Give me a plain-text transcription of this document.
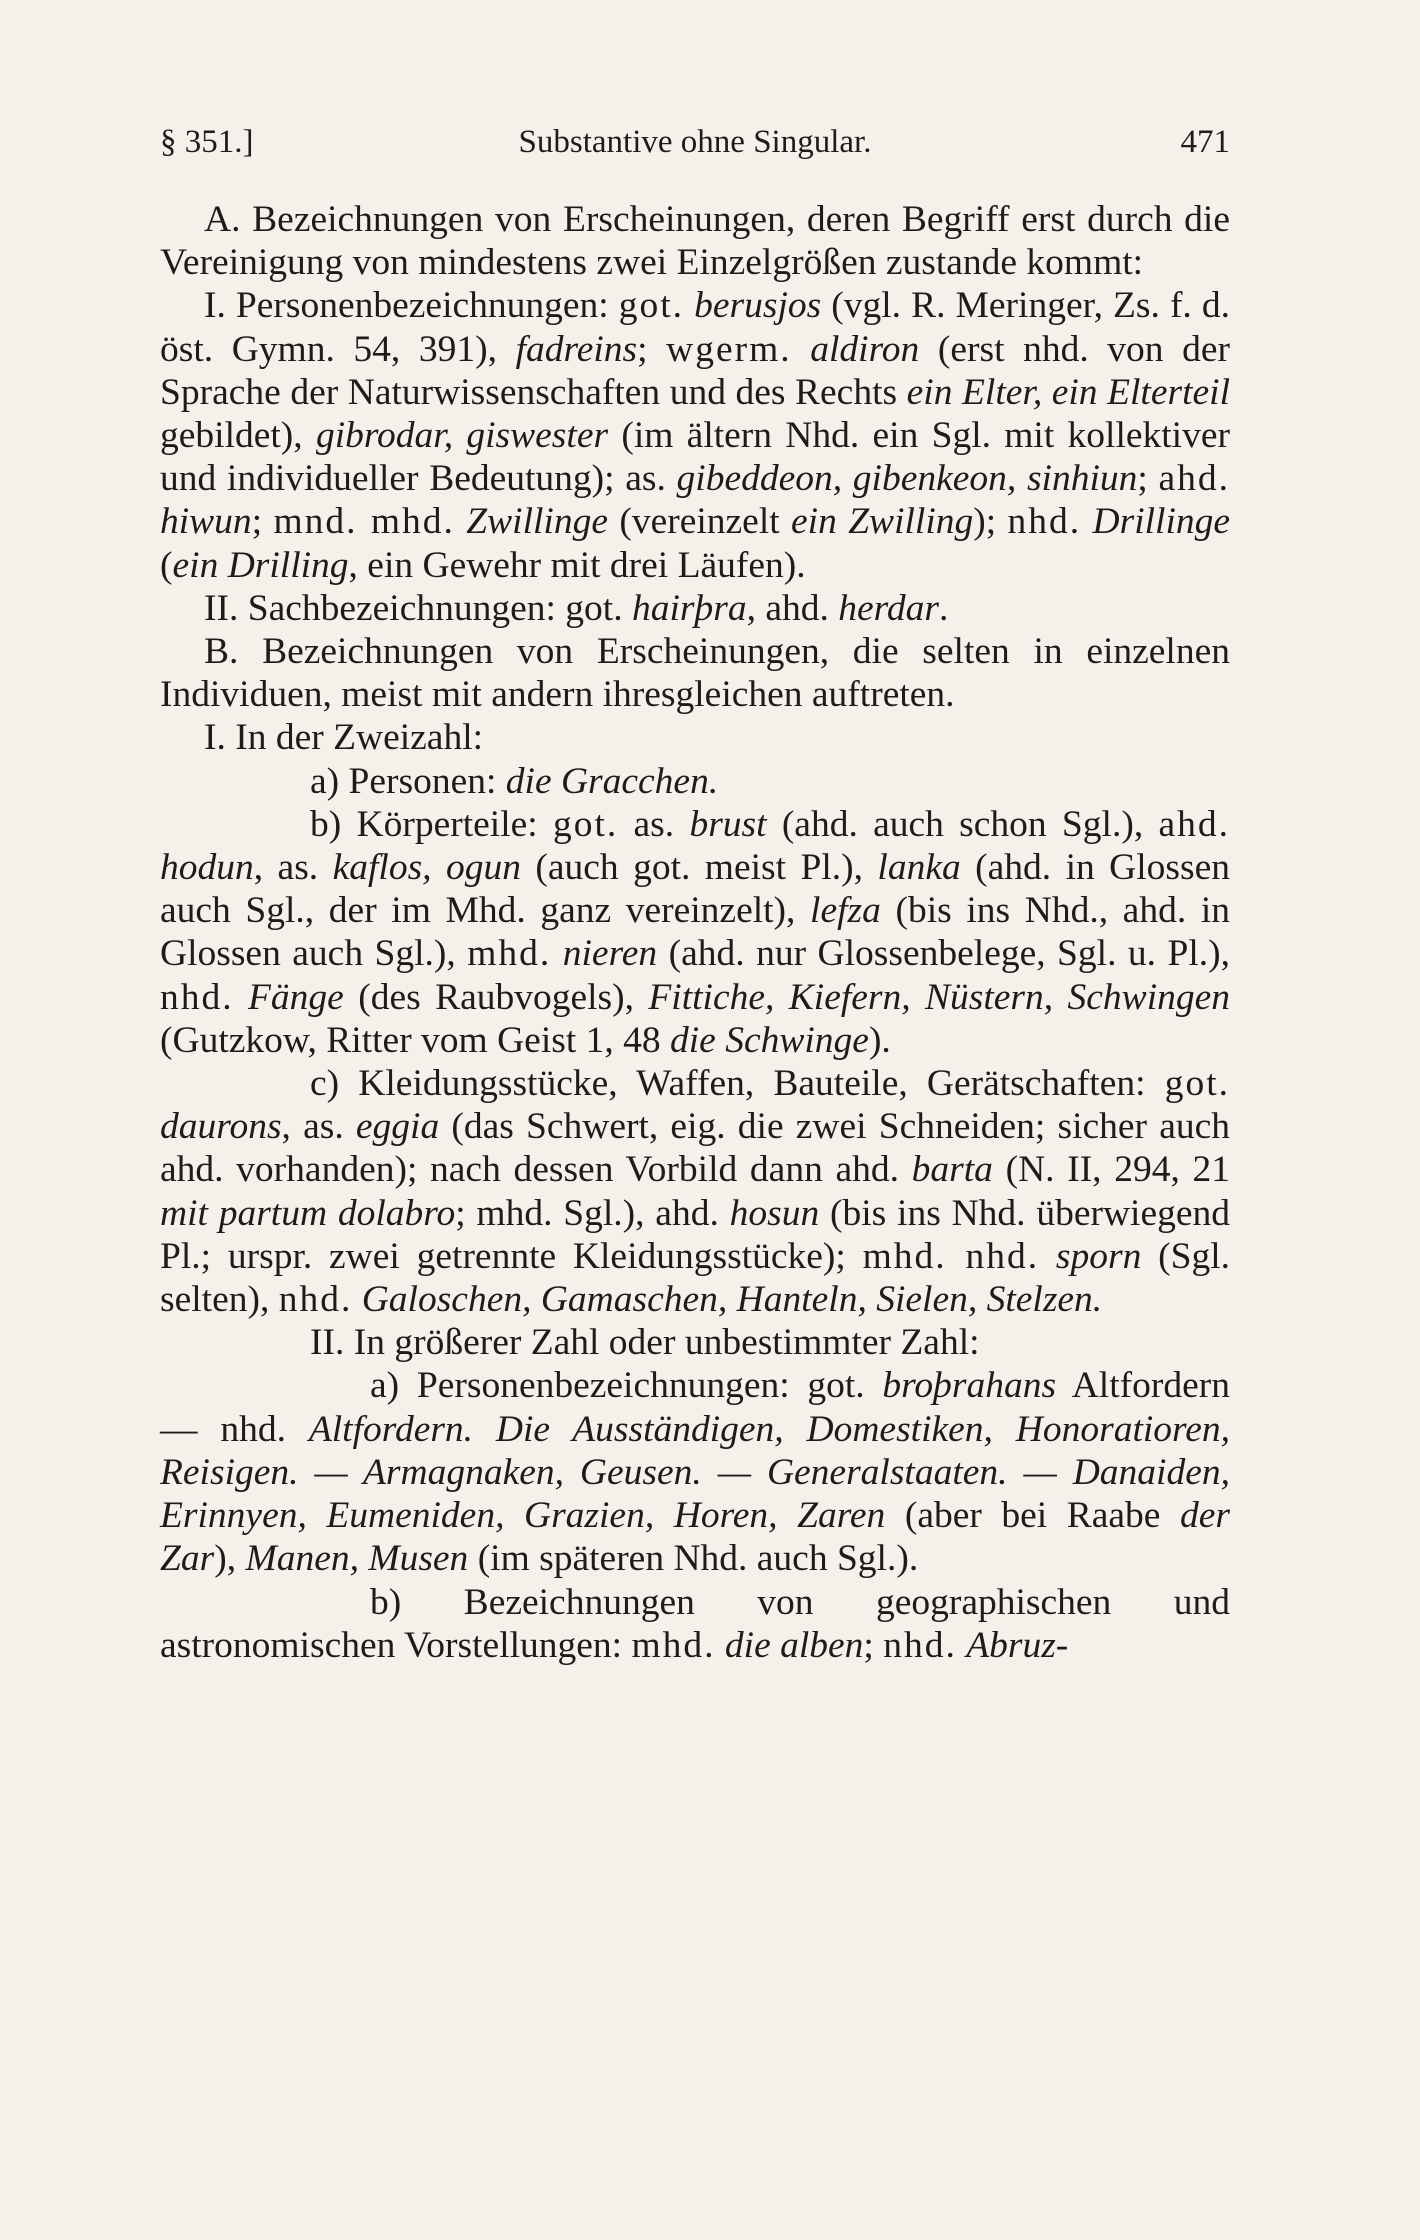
§ 351.]	Substantive ohne Singular.	471

A. Bezeichnungen von Erscheinungen, deren Begriff erst durch die Vereinigung von mindestens zwei Einzelgrößen zustande kommt:

I. Personenbezeichnungen: got. berusjos (vgl. R. Meringer, Zs. f. d. öst. Gymn. 54, 391), fadreins; wgerm. aldiron (erst nhd. von der Sprache der Naturwissenschaften und des Rechts ein Elter, ein Elterteil gebildet), gibrodar, giswester (im ältern Nhd. ein Sgl. mit kollektiver und individueller Bedeutung); as. gibeddeon, gibenkeon, sinhiun; ahd. hiwun; mnd. mhd. Zwillinge (vereinzelt ein Zwilling); nhd. Drillinge (ein Drilling, ein Gewehr mit drei Läufen).

II. Sachbezeichnungen: got. hairþra, ahd. herdar.

B. Bezeichnungen von Erscheinungen, die selten in einzelnen Individuen, meist mit andern ihresgleichen auftreten.

I. In der Zweizahl:

a) Personen: die Gracchen.

b) Körperteile: got. as. brust (ahd. auch schon Sgl.), ahd. hodun, as. kaflos, ogun (auch got. meist Pl.), lanka (ahd. in Glossen auch Sgl., der im Mhd. ganz vereinzelt), lefza (bis ins Nhd., ahd. in Glossen auch Sgl.), mhd. nieren (ahd. nur Glossenbelege, Sgl. u. Pl.), nhd. Fänge (des Raubvogels), Fittiche, Kiefern, Nüstern, Schwingen (Gutzkow, Ritter vom Geist 1, 48 die Schwinge).

c) Kleidungsstücke, Waffen, Bauteile, Gerätschaften: got. daurons, as. eggia (das Schwert, eig. die zwei Schneiden; sicher auch ahd. vorhanden); nach dessen Vorbild dann ahd. barta (N. II, 294, 21 mit partum dolabro; mhd. Sgl.), ahd. hosun (bis ins Nhd. überwiegend Pl.; urspr. zwei getrennte Kleidungsstücke); mhd. nhd. sporn (Sgl. selten), nhd. Galoschen, Gamaschen, Hanteln, Sielen, Stelzen.

II. In größerer Zahl oder unbestimmter Zahl:

a) Personenbezeichnungen: got. broþrahans Altfordern — nhd. Altfordern. Die Ausständigen, Domestiken, Honoratioren, Reisigen. — Armagnaken, Geusen. — Generalstaaten. — Danaiden, Erinnyen, Eumeniden, Grazien, Horen, Zaren (aber bei Raabe der Zar), Manen, Musen (im späteren Nhd. auch Sgl.).

b) Bezeichnungen von geographischen und astronomischen Vorstellungen: mhd. die alben; nhd. Abruz-
